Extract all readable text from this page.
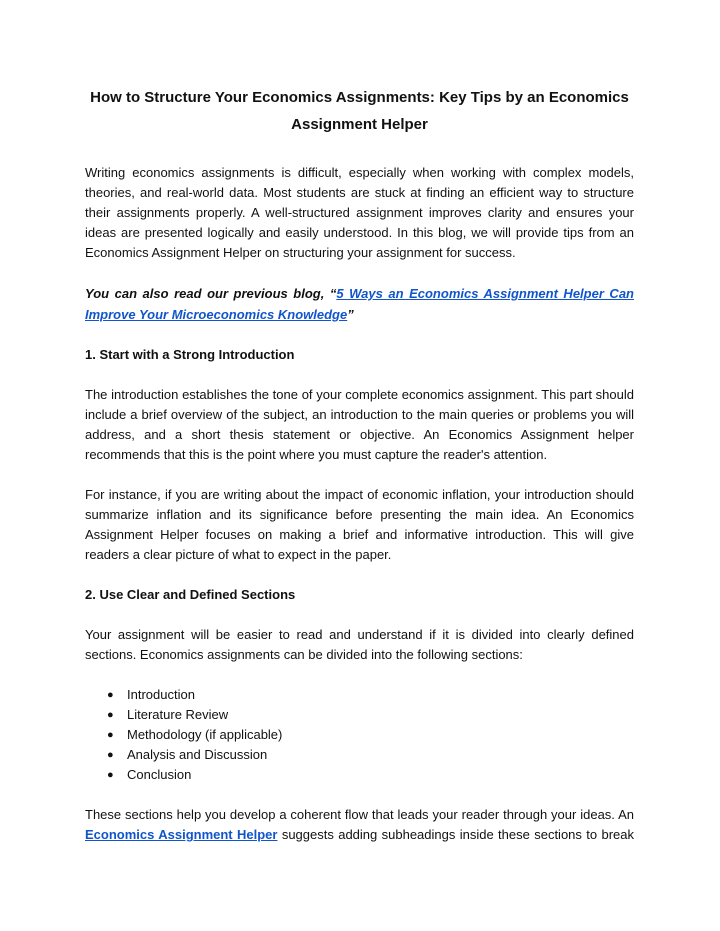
How to Structure Your Economics Assignments: Key Tips by an Economics Assignment Helper

Writing economics assignments is difficult, especially when working with complex models, theories, and real-world data. Most students are stuck at finding an efficient way to structure their assignments properly. A well-structured assignment improves clarity and ensures your ideas are presented logically and easily understood. In this blog, we will provide tips from an Economics Assignment Helper on structuring your assignment for success.

You can also read our previous blog, “5 Ways an Economics Assignment Helper Can Improve Your Microeconomics Knowledge”
1. Start with a Strong Introduction

The introduction establishes the tone of your complete economics assignment. This part should include a brief overview of the subject, an introduction to the main queries or problems you will address, and a short thesis statement or objective. An Economics Assignment helper recommends that this is the point where you must capture the reader's attention.

For instance, if you are writing about the impact of economic inflation, your introduction should summarize inflation and its significance before presenting the main idea. An Economics Assignment Helper focuses on making a brief and informative introduction. This will give readers a clear picture of what to expect in the paper.

2. Use Clear and Defined Sections

Your assignment will be easier to read and understand if it is divided into clearly defined sections. Economics assignments can be divided into the following sections:

● Introduction
● Literature Review
● Methodology (if applicable)
● Analysis and Discussion
● Conclusion

These sections help you develop a coherent flow that leads your reader through your ideas. An Economics Assignment Helper suggests adding subheadings inside these sections to break
